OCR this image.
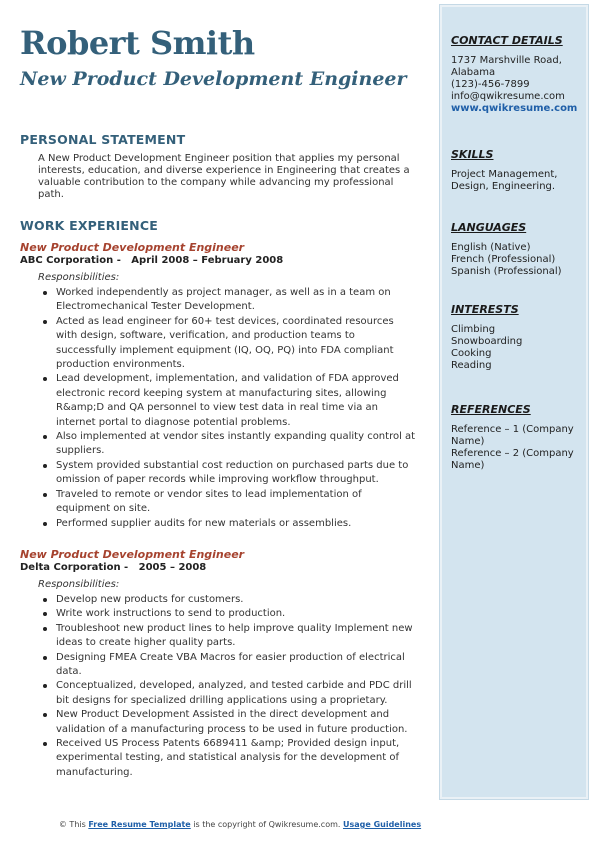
Robert Smith
New Product Development Engineer
PERSONAL STATEMENT
A New Product Development Engineer position that applies my personal interests, education, and diverse experience in Engineering that creates a valuable contribution to the company while advancing my professional path.
WORK EXPERIENCE
New Product Development Engineer
ABC Corporation -   April 2008 – February 2008
Responsibilities:
Worked independently as project manager, as well as in a team on Electromechanical Tester Development.
Acted as lead engineer for 60+ test devices, coordinated resources with design, software, verification, and production teams to successfully implement equipment (IQ, OQ, PQ) into FDA compliant production environments.
Lead development, implementation, and validation of FDA approved electronic record keeping system at manufacturing sites, allowing R&amp;D and QA personnel to view test data in real time via an internet portal to diagnose potential problems.
Also implemented at vendor sites instantly expanding quality control at suppliers.
System provided substantial cost reduction on purchased parts due to omission of paper records while improving workflow throughput.
Traveled to remote or vendor sites to lead implementation of equipment on site.
Performed supplier audits for new materials or assemblies.
New Product Development Engineer
Delta Corporation -   2005 – 2008
Responsibilities:
Develop new products for customers.
Write work instructions to send to production.
Troubleshoot new product lines to help improve quality Implement new ideas to create higher quality parts.
Designing FMEA Create VBA Macros for easier production of electrical data.
Conceptualized, developed, analyzed, and tested carbide and PDC drill bit designs for specialized drilling applications using a proprietary.
New Product Development Assisted in the direct development and validation of a manufacturing process to be used in future production.
Received US Process Patents 6689411 &amp; Provided design input, experimental testing, and statistical analysis for the development of manufacturing.
CONTACT DETAILS
1737 Marshville Road, Alabama
(123)-456-7899
info@qwikresume.com
www.qwikresume.com
SKILLS
Project Management, Design, Engineering.
LANGUAGES
English (Native)
French (Professional)
Spanish (Professional)
INTERESTS
Climbing
Snowboarding
Cooking
Reading
REFERENCES
Reference – 1 (Company Name)
Reference – 2 (Company Name)
© This Free Resume Template is the copyright of Qwikresume.com. Usage Guidelines
